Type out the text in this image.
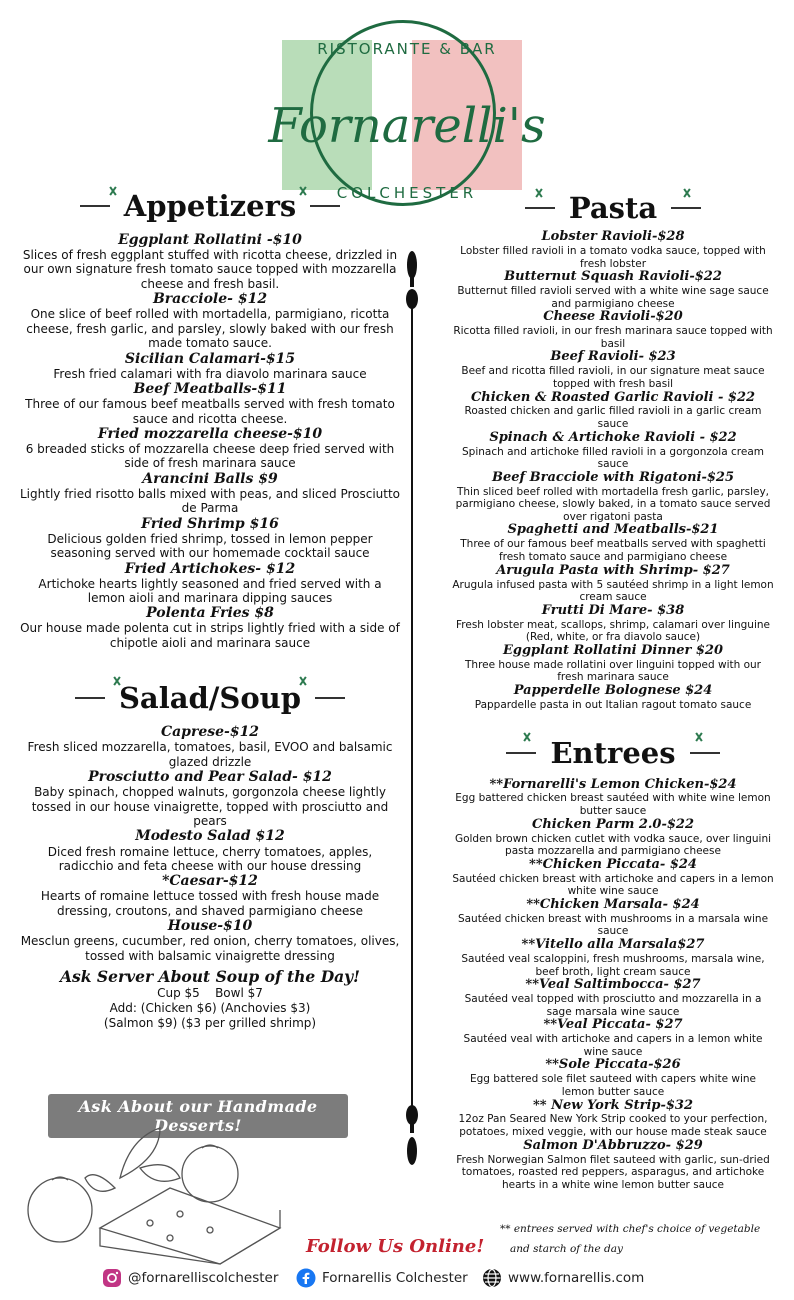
RISTORANTE & BAR
Fornarelli's
COLCHESTER
Appetizers
Eggplant Rollatini -$10
Slices of fresh eggplant stuffed with ricotta cheese, drizzled in our own signature fresh tomato sauce topped with mozzarella cheese and fresh basil.
Bracciole- $12
One slice of beef rolled with mortadella, parmigiano, ricotta cheese, fresh garlic, and parsley, slowly baked with our fresh made tomato sauce.
Sicilian Calamari-$15
Fresh fried calamari with fra diavolo marinara sauce
Beef Meatballs-$11
Three of our famous beef meatballs served with fresh tomato sauce and ricotta cheese.
Fried mozzarella cheese-$10
6 breaded sticks of mozzarella cheese deep fried served with side of fresh marinara sauce
Arancini Balls $9
Lightly fried risotto balls mixed with peas, and sliced Prosciutto de Parma
Fried Shrimp $16
Delicious golden fried shrimp, tossed in lemon pepper seasoning served with our homemade cocktail sauce
Fried Artichokes- $12
Artichoke hearts lightly seasoned and fried served with a lemon aioli and marinara dipping sauces
Polenta Fries $8
Our house made polenta cut in strips lightly fried with a side of chipotle aioli and marinara sauce
Salad/Soup
Caprese-$12
Fresh sliced mozzarella, tomatoes, basil, EVOO and balsamic glazed drizzle
Prosciutto and Pear Salad- $12
Baby spinach, chopped walnuts, gorgonzola cheese lightly tossed in our house vinaigrette, topped with prosciutto and pears
Modesto Salad $12
Diced fresh romaine lettuce, cherry tomatoes, apples, radicchio and feta cheese with our house dressing
*Caesar-$12
Hearts of romaine lettuce tossed with fresh house made dressing, croutons, and shaved parmigiano cheese
House-$10
Mesclun greens, cucumber, red onion, cherry tomatoes, olives, tossed with balsamic vinaigrette dressing
Ask Server About Soup of the Day!
Cup $5    Bowl $7
Add: (Chicken $6) (Anchovies $3)
(Salmon $9) ($3 per grilled shrimp)
Ask About our Handmade Desserts!
Pasta
Lobster Ravioli-$28
Lobster filled ravioli in a tomato vodka sauce, topped with fresh lobster
Butternut Squash Ravioli-$22
Butternut filled ravioli served with a white wine sage sauce and parmigiano cheese
Cheese Ravioli-$20
Ricotta filled ravioli, in our fresh marinara sauce topped with basil
Beef Ravioli- $23
Beef and ricotta filled ravioli, in our signature meat sauce topped with fresh basil
Chicken & Roasted Garlic Ravioli - $22
Roasted chicken and garlic filled ravioli in a garlic cream sauce
Spinach & Artichoke Ravioli - $22
Spinach and artichoke filled ravioli in a gorgonzola cream sauce
Beef Bracciole with Rigatoni-$25
Thin sliced beef rolled with mortadella fresh garlic, parsley, parmigiano cheese, slowly baked, in a tomato sauce served over rigatoni pasta
Spaghetti and Meatballs-$21
Three of our famous beef meatballs served with spaghetti fresh tomato sauce and parmigiano cheese
Arugula Pasta with Shrimp- $27
Arugula infused pasta with 5 sautéed shrimp in a light lemon cream sauce
Frutti Di Mare- $38
Fresh lobster meat, scallops, shrimp, calamari over linguine (Red, white, or fra diavolo sauce)
Eggplant Rollatini Dinner $20
Three house made rollatini over linguini topped with our fresh marinara sauce
Papperdelle Bolognese $24
Pappardelle pasta in out Italian ragout tomato sauce
Entrees
**Fornarelli's Lemon Chicken-$24
Egg battered chicken breast sautéed with white wine lemon butter sauce
Chicken Parm 2.0-$22
Golden brown chicken cutlet with vodka sauce, over linguini pasta mozzarella and parmigiano cheese
**Chicken Piccata- $24
Sautéed chicken breast with artichoke and capers in a lemon white wine sauce
**Chicken Marsala- $24
Sautéed chicken breast with mushrooms in a marsala wine sauce
**Vitello alla Marsala$27
Sautéed veal scaloppini, fresh mushrooms, marsala wine, beef broth, light cream sauce
**Veal Saltimbocca- $27
Sautéed veal topped with prosciutto and mozzarella in a sage marsala wine sauce
**Veal Piccata- $27
Sautéed veal with artichoke and capers in a lemon white wine sauce
**Sole Piccata-$26
Egg battered sole filet sauteed with capers white wine lemon butter sauce
** New York Strip-$32
12oz Pan Seared New York Strip cooked to your perfection, potatoes, mixed veggie, with our house made steak sauce
Salmon D'Abbruzzo- $29
Fresh Norwegian Salmon filet sauteed with garlic, sun-dried tomatoes, roasted red peppers, asparagus, and artichoke hearts in a white wine lemon butter sauce
** entrees served with chef's choice of vegetable
and starch of the day
Follow Us Online!
@fornarelliscolchester	Fornarellis Colchester	www.fornarellis.com
